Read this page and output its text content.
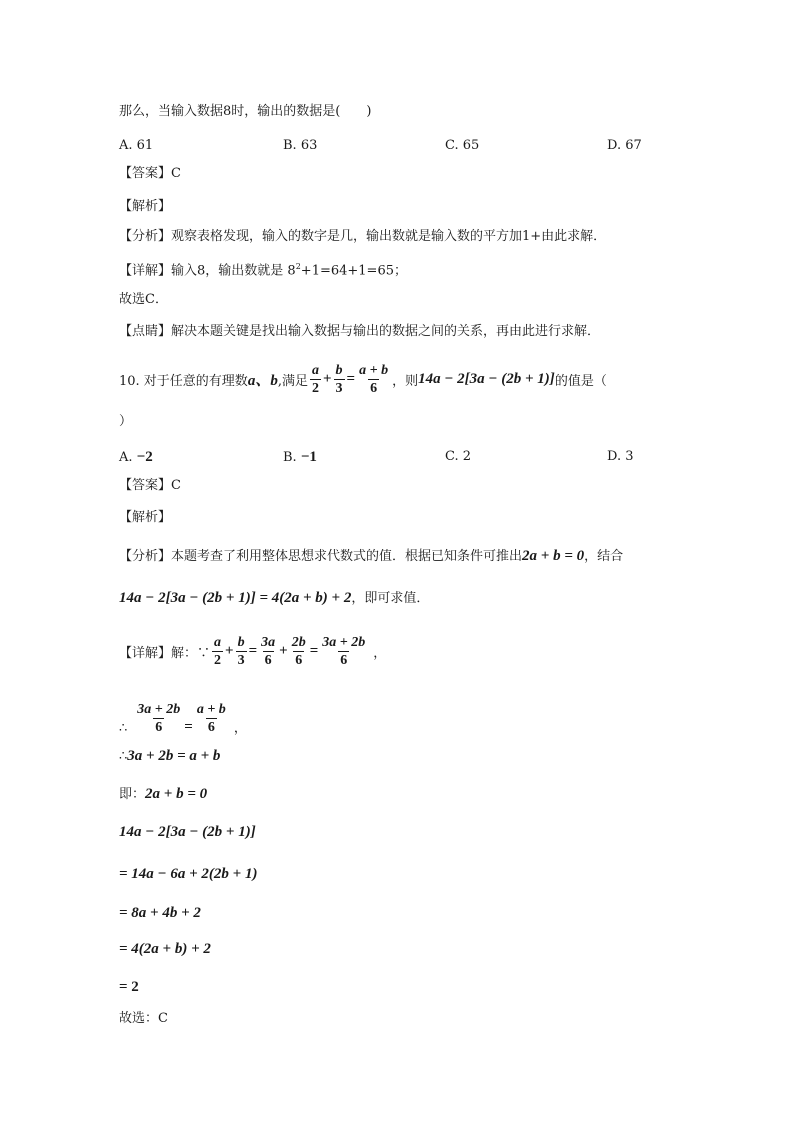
那么，当输入数据8时，输出的数据是(　　)
A. 61	B. 63	C. 65	D. 67
【答案】C
【解析】
【分析】观察表格发现，输入的数字是几，输出数就是输入数的平方加1+由此求解．
【详解】输入8，输出数就是 $8^2+1=64+1=65$；
故选C．
【点睛】解决本题关键是找出输入数据与输出的数据之间的关系，再由此进行求解．
10. 对于任意的有理数 a、b ,满足 $\frac{a}{2} + \frac{b}{3} = \frac{a + b}{6}$ ，则 14a − 2[3a − (2b + 1)] 的值是（
）
A. −2	B. −1	C. 2	D. 3
【答案】C
【解析】
【分析】本题考查了利用整体思想求代数式的值．根据已知条件可推出2a + b = 0，结合
14a − 2[3a − (2b + 1)] = 4(2a + b) + 2，即可求值．
【详解】 解：∵ $\frac{a}{2} + \frac{b}{3} = \frac{3a}{6} + \frac{2b}{6} = \frac{3a + 2b}{6}$ ，
∴ $\frac{3a + 2b}{6} = \frac{a + b}{6}$ ，
∴3a + 2b = a + b
即：2a + b = 0
14a − 2[3a − (2b + 1)]
= 14a − 6a + 2(2b + 1)
= 8a + 4b + 2
= 4(2a + b) + 2
= 2
故选：C
